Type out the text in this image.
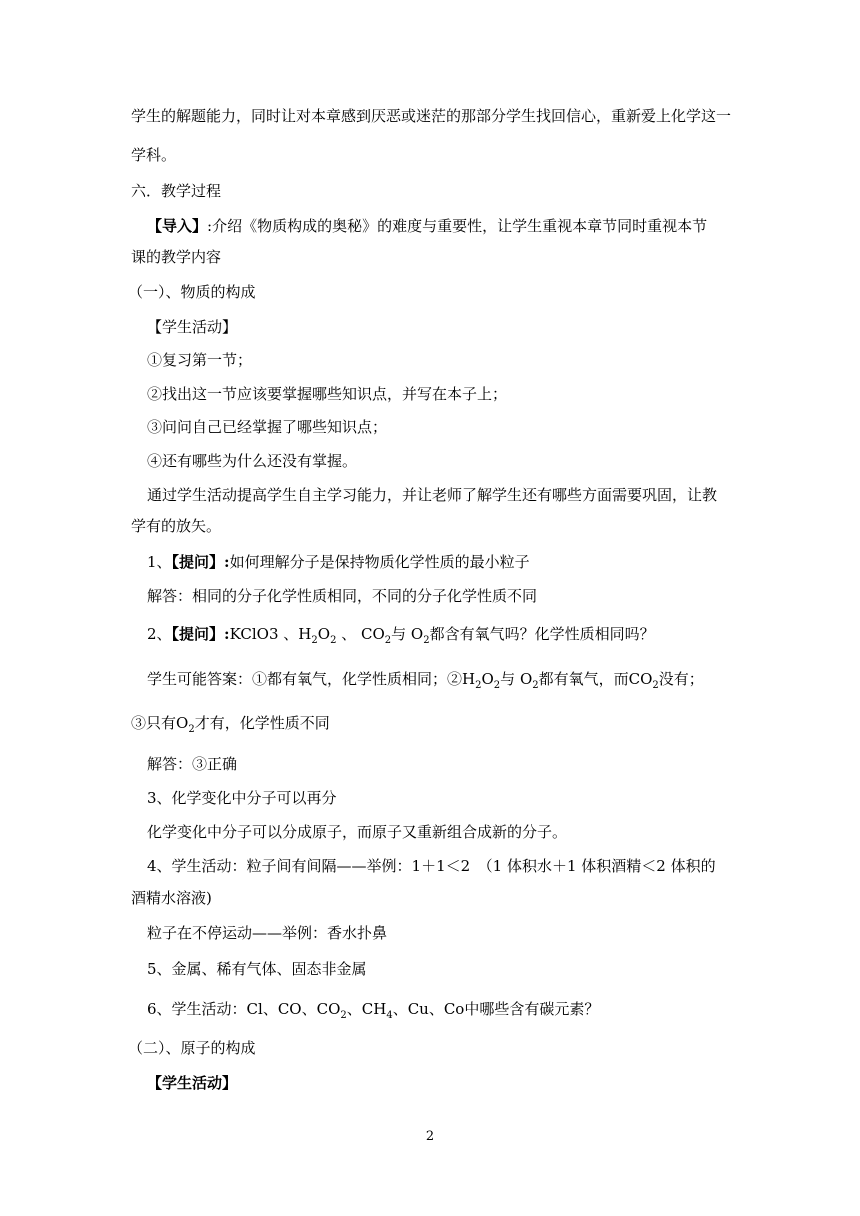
学生的解题能力，同时让对本章感到厌恶或迷茫的那部分学生找回信心，重新爱上化学这一
学科。
六．教学过程
【导入】:介绍《物质构成的奥秘》的难度与重要性，让学生重视本章节同时重视本节
课的教学内容
（一）、物质的构成
【学生活动】
①复习第一节；
②找出这一节应该要掌握哪些知识点，并写在本子上；
③问问自己已经掌握了哪些知识点；
④还有哪些为什么还没有掌握。
通过学生活动提高学生自主学习能力，并让老师了解学生还有哪些方面需要巩固，让教
学有的放矢。
1、【提问】:如何理解分子是保持物质化学性质的最小粒子
解答：相同的分子化学性质相同，不同的分子化学性质不同
2、【提问】:KClO3 、$H_2O_2$ 、 $CO_2$与 $O_2$都含有氧气吗？化学性质相同吗？
学生可能答案：①都有氧气，化学性质相同；$②H_2O_2$与 $O_2$都有氧气，而$CO_2$没有；
③只有$O_2$才有，化学性质不同
解答：③正确
3、化学变化中分子可以再分
化学变化中分子可以分成原子，而原子又重新组合成新的分子。
4、学生活动：粒子间有间隔——举例：1＋1＜2　（1 体积水＋1 体积酒精＜2 体积的
酒精水溶液)
粒子在不停运动——举例：香水扑鼻
5、金属、稀有气体、固态非金属
6、学生活动：Cl、CO、$CO_2$、$CH_4$、Cu、Co中哪些含有碳元素？
（二）、原子的构成
【学生活动】
2
